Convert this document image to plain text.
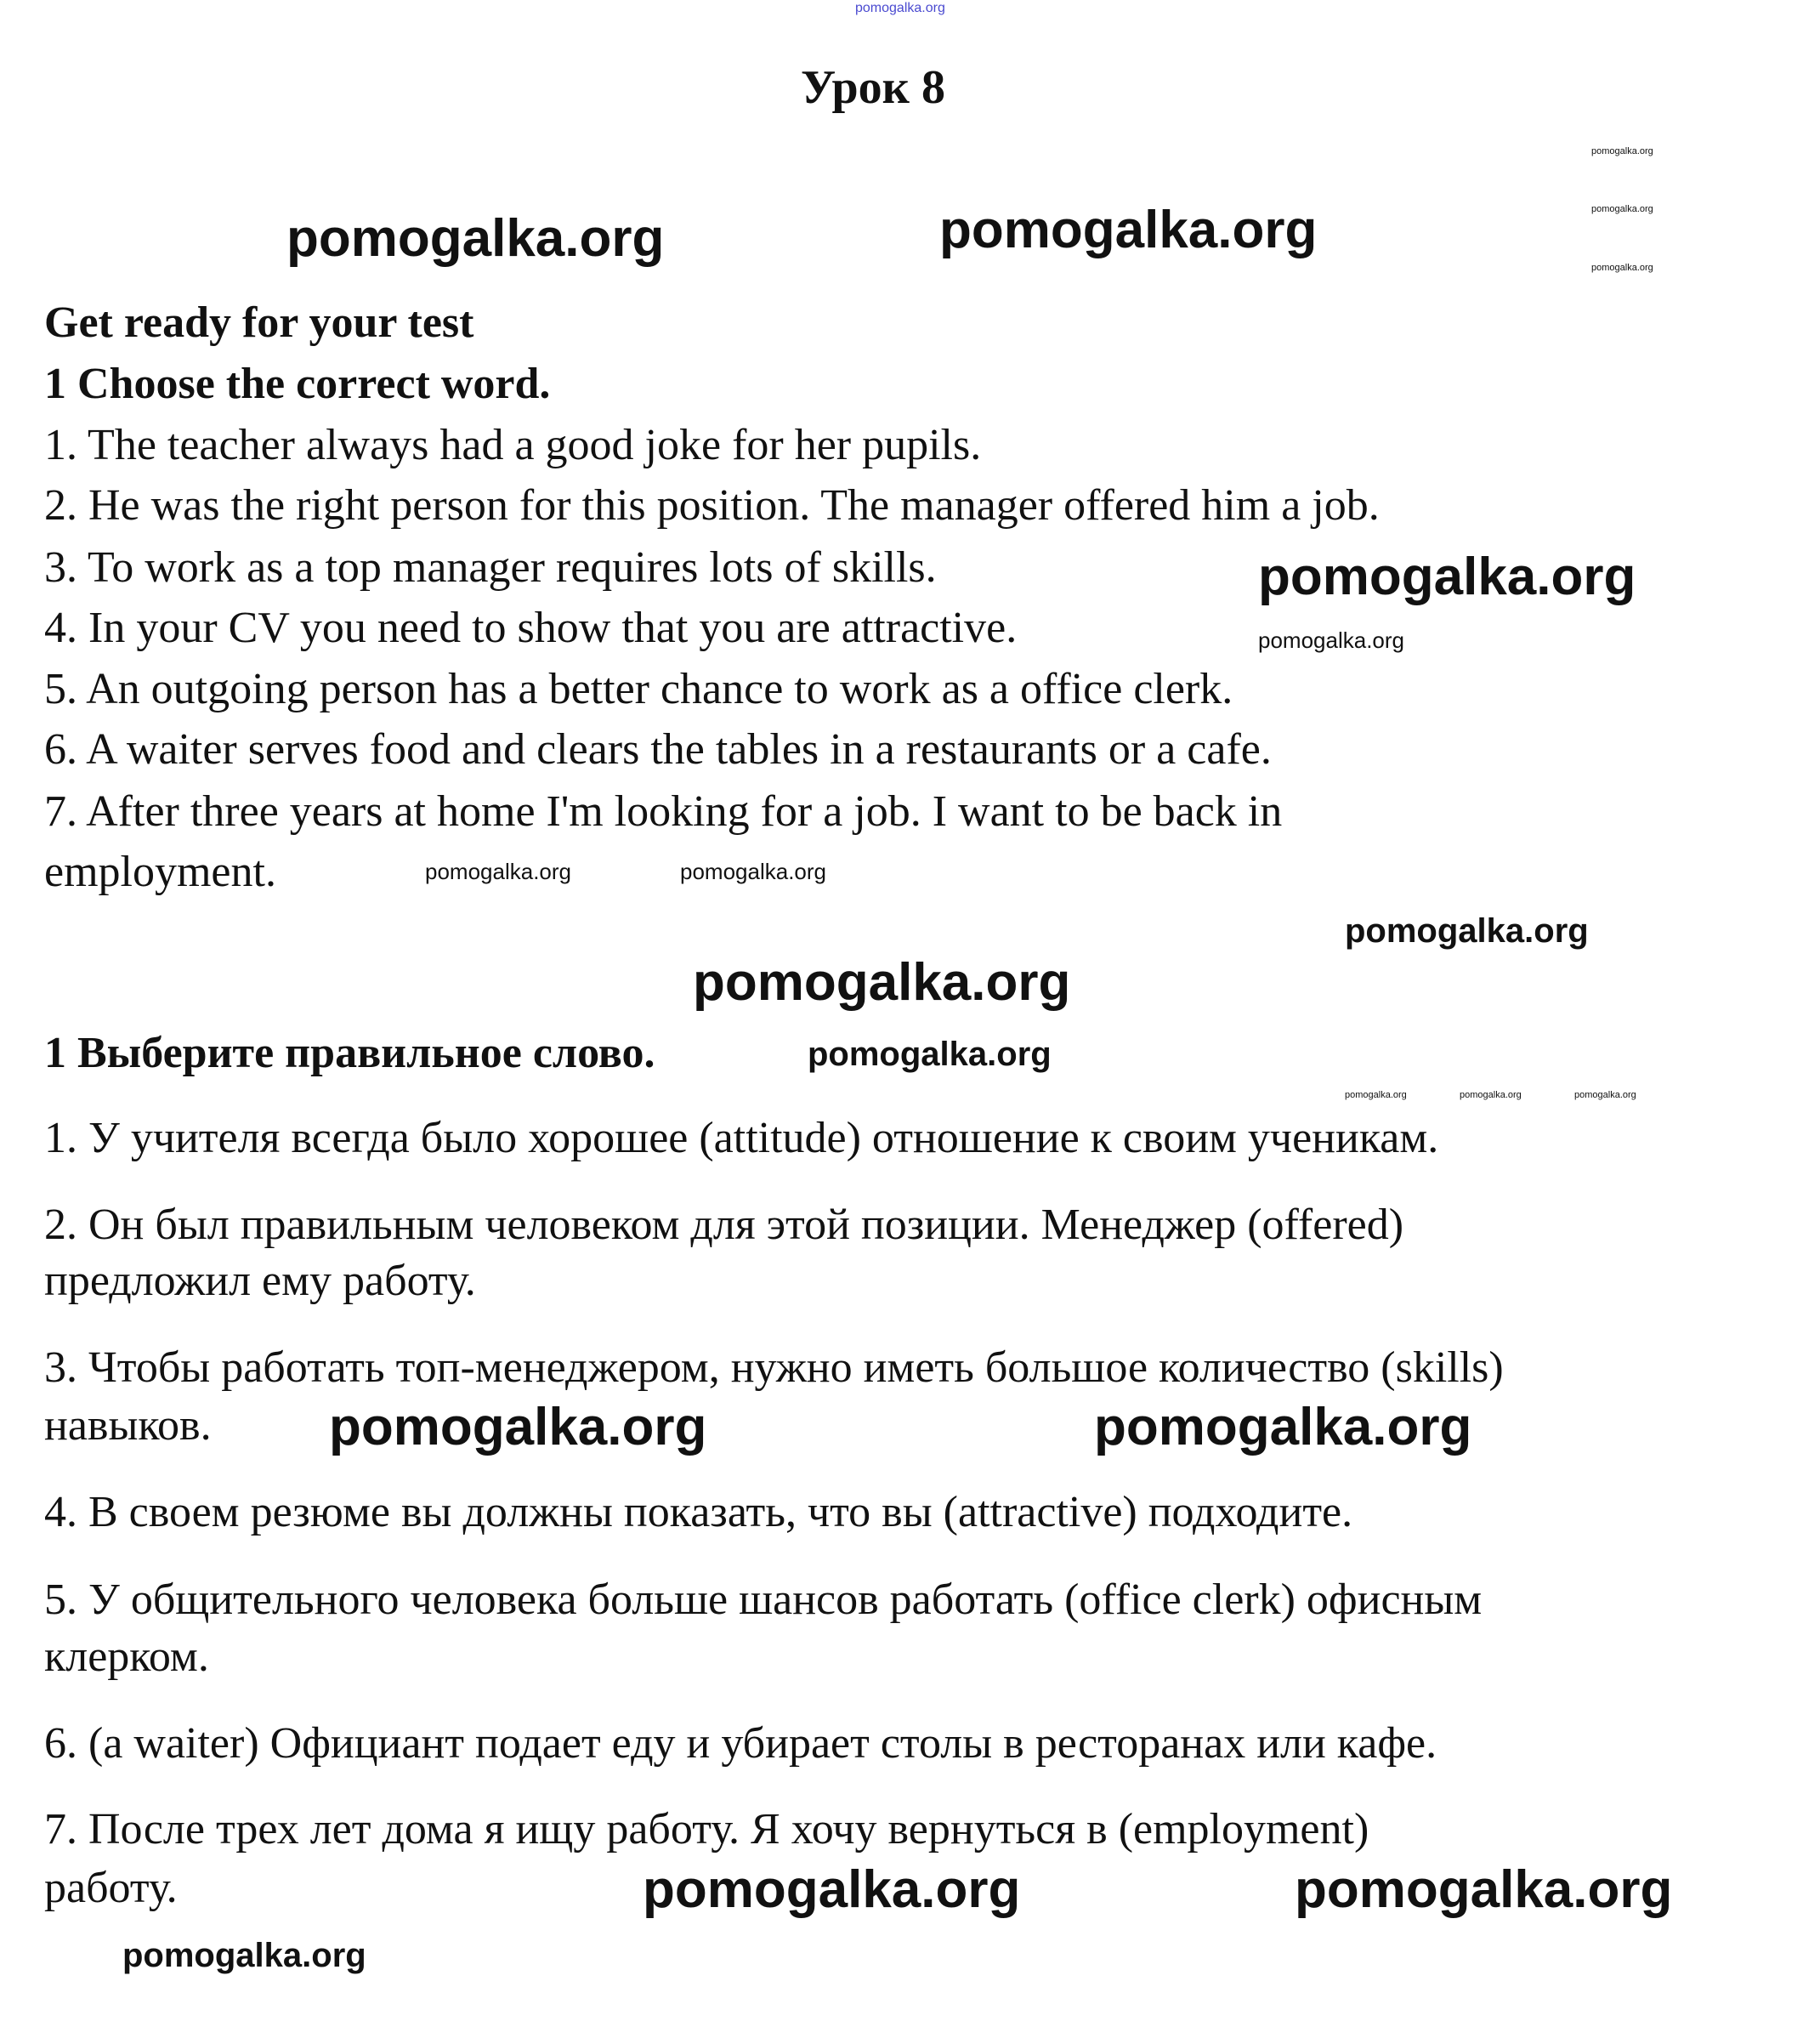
pomogalka.org
Урок 8
pomogalka.org
pomogalka.org
pomogalka.org
pomogalka.org	pomogalka.org
Get ready for your test
1 Choose the correct word.
1. The teacher always had a good joke for her pupils.
2. He was the right person for this position. The manager offered him a job.
3. To work as a top manager requires lots of skills.
4. In your CV you need to show that you are attractive.
5. An outgoing person has a better chance to work as a office clerk.
6. A waiter serves food and clears the tables in a restaurants or a cafe.
7. After three years at home I'm looking for a job. I want to be back in
employment.
pomogalka.org
pomogalka.org
pomogalka.org	pomogalka.org
pomogalka.org
pomogalka.org
1 Выберите правильное слово.	pomogalka.org
pomogalka.org	pomogalka.org	pomogalka.org
1. У учителя всегда было хорошее (attitude) отношение к своим ученикам.
2. Он был правильным человеком для этой позиции. Менеджер (offered)
предложил ему работу.
3. Чтобы работать топ-менеджером, нужно иметь большое количество (skills)
навыков.
4. В своем резюме вы должны показать, что вы (attractive) подходите.
5. У общительного человека больше шансов работать (office clerk) офисным
клерком.
6. (a waiter) Официант подает еду и убирает столы в ресторанах или кафе.
7. После трех лет дома я ищу работу. Я хочу вернуться в (employment)
работу.
pomogalka.org	pomogalka.org
pomogalka.org
pomogalka.org	pomogalka.org
